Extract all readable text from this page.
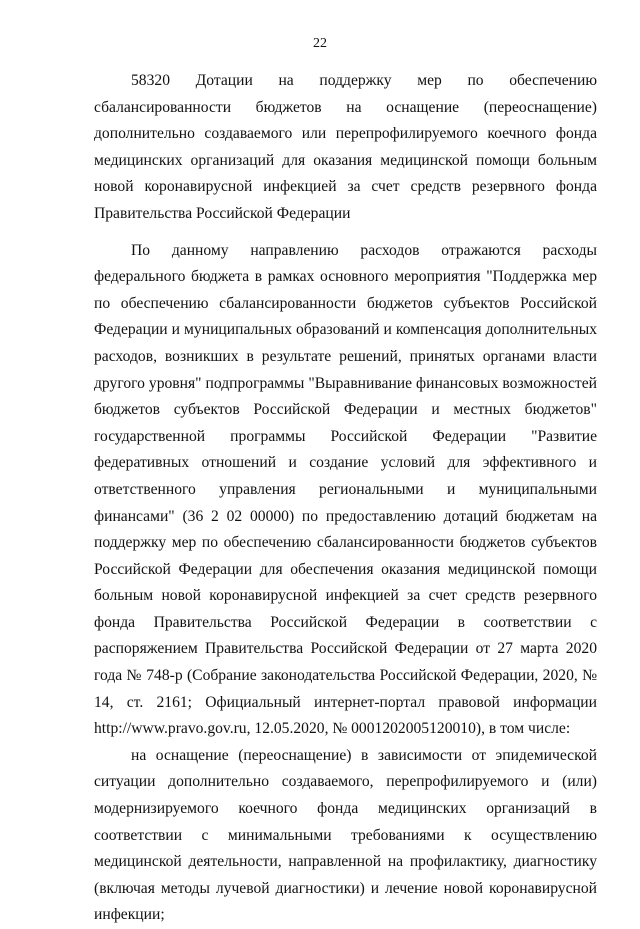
22

58320 Дотации на поддержку мер по обеспечению сбалансированности бюджетов на оснащение (переоснащение) дополнительно создаваемого или перепрофилируемого коечного фонда медицинских организаций для оказания медицинской помощи больным новой коронавирусной инфекцией за счет средств резервного фонда Правительства Российской Федерации

По данному направлению расходов отражаются расходы федерального бюджета в рамках основного мероприятия "Поддержка мер по обеспечению сбалансированности бюджетов субъектов Российской Федерации и муниципальных образований и компенсация дополнительных расходов, возникших в результате решений, принятых органами власти другого уровня" подпрограммы "Выравнивание финансовых возможностей бюджетов субъектов Российской Федерации и местных бюджетов" государственной программы Российской Федерации "Развитие федеративных отношений и создание условий для эффективного и ответственного управления региональными и муниципальными финансами" (36 2 02 00000) по предоставлению дотаций бюджетам на поддержку мер по обеспечению сбалансированности бюджетов субъектов Российской Федерации для обеспечения оказания медицинской помощи больным новой коронавирусной инфекцией за счет средств резервного фонда Правительства Российской Федерации в соответствии с распоряжением Правительства Российской Федерации от 27 марта 2020 года № 748-р (Собрание законодательства Российской Федерации, 2020, № 14, ст. 2161; Официальный интернет-портал правовой информации http://www.pravo.gov.ru, 12.05.2020, № 0001202005120010), в том числе:

на оснащение (переоснащение) в зависимости от эпидемической ситуации дополнительно создаваемого, перепрофилируемого и (или) модернизируемого коечного фонда медицинских организаций в соответствии с минимальными требованиями к осуществлению медицинской деятельности, направленной на профилактику, диагностику (включая методы лучевой диагностики) и лечение новой коронавирусной инфекции;
